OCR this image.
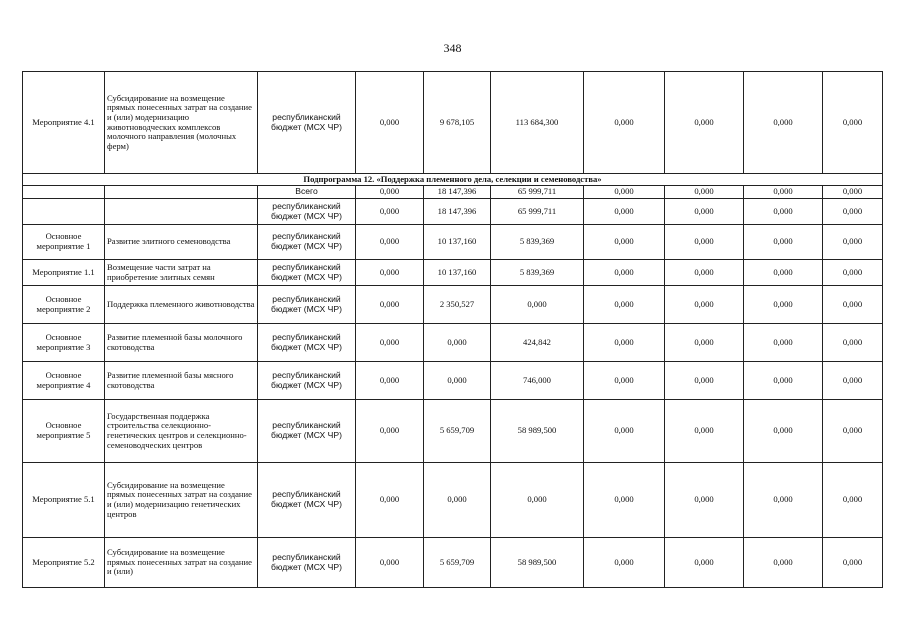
348
Мероприятие 4.1	Субсидирование на возмещение прямых понесенных затрат на создание и (или) модернизацию животноводческих комплексов молочного направления (молочных ферм)	республиканский бюджет (МСХ ЧР)	0,000	9 678,105	113 684,300	0,000	0,000	0,000	0,000
Подпрограмма 12. «Поддержка племенного дела, селекции и семеноводства»									
		Всего	0,000	18 147,396	65 999,711	0,000	0,000	0,000	0,000
		республиканский бюджет (МСХ ЧР)	0,000	18 147,396	65 999,711	0,000	0,000	0,000	0,000
Основное мероприятие 1	Развитие элитного семеноводства	республиканский бюджет (МСХ ЧР)	0,000	10 137,160	5 839,369	0,000	0,000	0,000	0,000
Мероприятие 1.1	Возмещение части затрат на приобретение элитных семян	республиканский бюджет (МСХ ЧР)	0,000	10 137,160	5 839,369	0,000	0,000	0,000	0,000
Основное мероприятие 2	Поддержка племенного животноводства	республиканский бюджет (МСХ ЧР)	0,000	2 350,527	0,000	0,000	0,000	0,000	0,000
Основное мероприятие 3	Развитие племенной базы молочного скотоводства	республиканский бюджет (МСХ ЧР)	0,000	0,000	424,842	0,000	0,000	0,000	0,000
Основное мероприятие 4	Развитие племенной базы мясного скотоводства	республиканский бюджет (МСХ ЧР)	0,000	0,000	746,000	0,000	0,000	0,000	0,000
Основное мероприятие 5	Государственная поддержка строительства селекционно-генетических центров и селекционно-семеноводческих центров	республиканский бюджет (МСХ ЧР)	0,000	5 659,709	58 989,500	0,000	0,000	0,000	0,000
Мероприятие 5.1	Субсидирование на возмещение прямых понесенных затрат на создание и (или) модернизацию генетических центров	республиканский бюджет (МСХ ЧР)	0,000	0,000	0,000	0,000	0,000	0,000	0,000
Мероприятие 5.2	Субсидирование на возмещение прямых понесенных затрат на создание и (или)	республиканский бюджет (МСХ ЧР)	0,000	5 659,709	58 989,500	0,000	0,000	0,000	0,000
